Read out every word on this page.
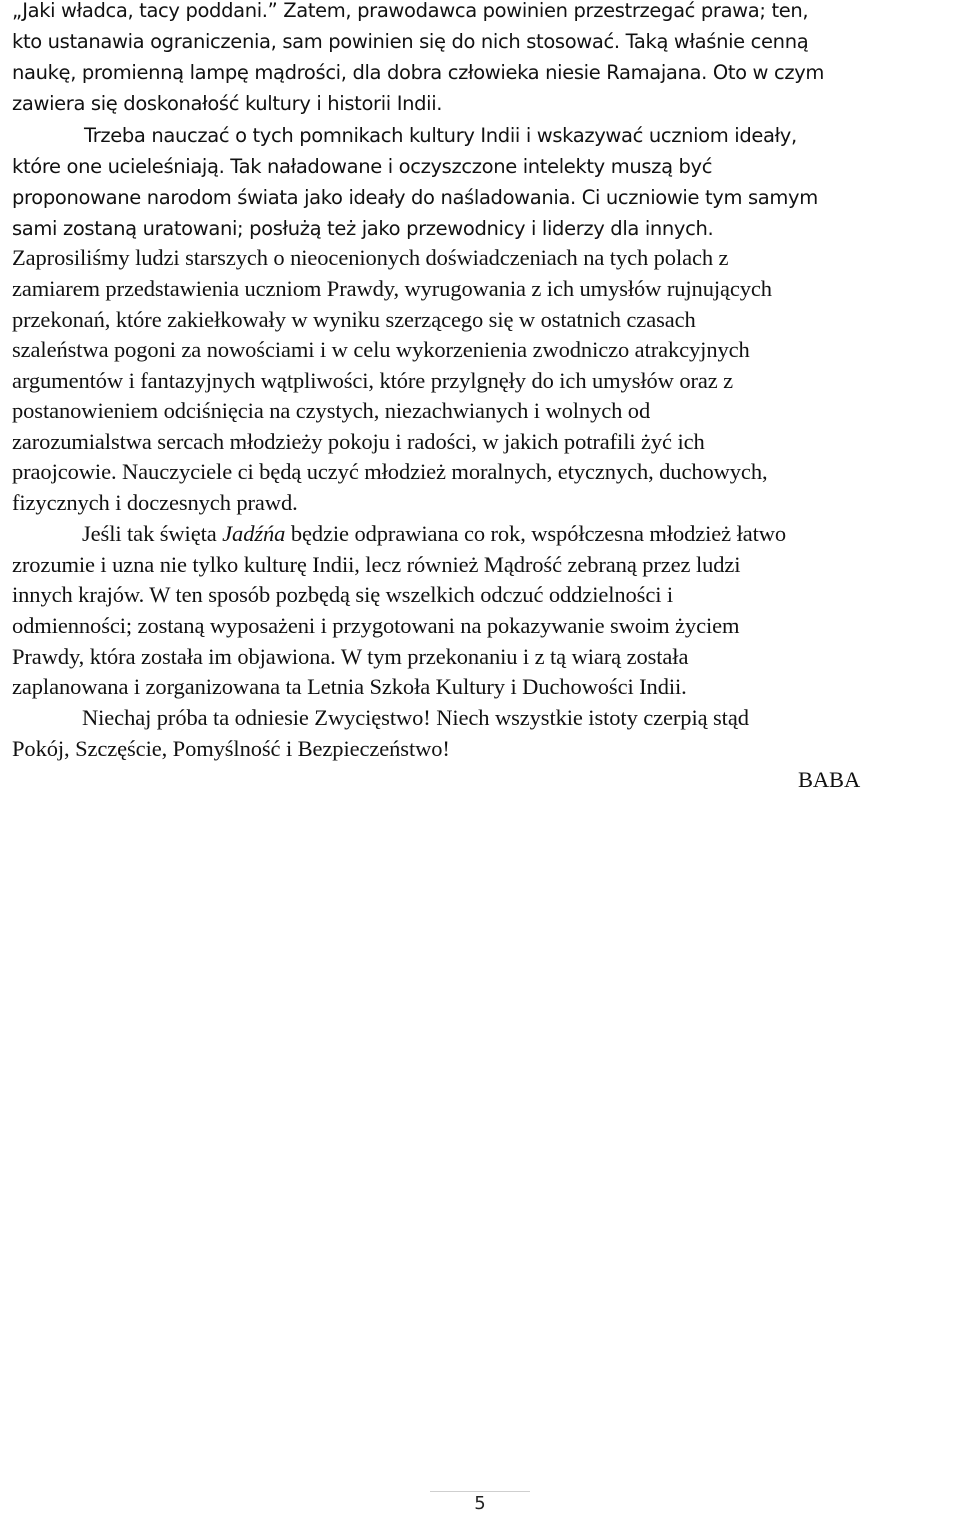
„Jaki władca, tacy poddani.” Zatem, prawodawca powinien przestrzegać prawa; ten,
kto ustanawia ograniczenia, sam powinien się do nich stosować. Taką właśnie cenną
naukę, promienną lampę mądrości, dla dobra człowieka niesie Ramajana. Oto w czym
zawiera się doskonałość kultury i historii Indii.
Trzeba nauczać o tych pomnikach kultury Indii i wskazywać uczniom ideały,
które one ucieleśniają. Tak naładowane i oczyszczone intelekty muszą być
proponowane narodom świata jako ideały do naśladowania. Ci uczniowie tym samym
sami zostaną uratowani; posłużą też jako przewodnicy i liderzy dla innych.
Zaprosiliśmy ludzi starszych o nieocenionych doświadczeniach na tych polach z
zamiarem przedstawienia uczniom Prawdy, wyrugowania z ich umysłów rujnujących
przekonań, które zakiełkowały w wyniku szerzącego się w ostatnich czasach
szaleństwa pogoni za nowościami i w celu wykorzenienia zwodniczo atrakcyjnych
argumentów i fantazyjnych wątpliwości, które przylgnęły do ich umysłów oraz z
postanowieniem odciśnięcia na czystych, niezachwianych i wolnych od
zarozumialstwa sercach młodzieży pokoju i radości, w jakich potrafili żyć ich
praojcowie. Nauczyciele ci będą uczyć młodzież moralnych, etycznych, duchowych,
fizycznych i doczesnych prawd.
Jeśli tak święta Jadźńa będzie odprawiana co rok, współczesna młodzież łatwo
zrozumie i uzna nie tylko kulturę Indii, lecz również Mądrość zebraną przez ludzi
innych krajów. W ten sposób pozbędą się wszelkich odczuć oddzielności i
odmienności; zostaną wyposażeni i przygotowani na pokazywanie swoim życiem
Prawdy, która została im objawiona. W tym przekonaniu i z tą wiarą została
zaplanowana i zorganizowana ta Letnia Szkoła Kultury i Duchowości Indii.
Niechaj próba ta odniesie Zwycięstwo! Niech wszystkie istoty czerpią stąd
Pokój, Szczęście, Pomyślność i Bezpieczeństwo!
BABA
5
